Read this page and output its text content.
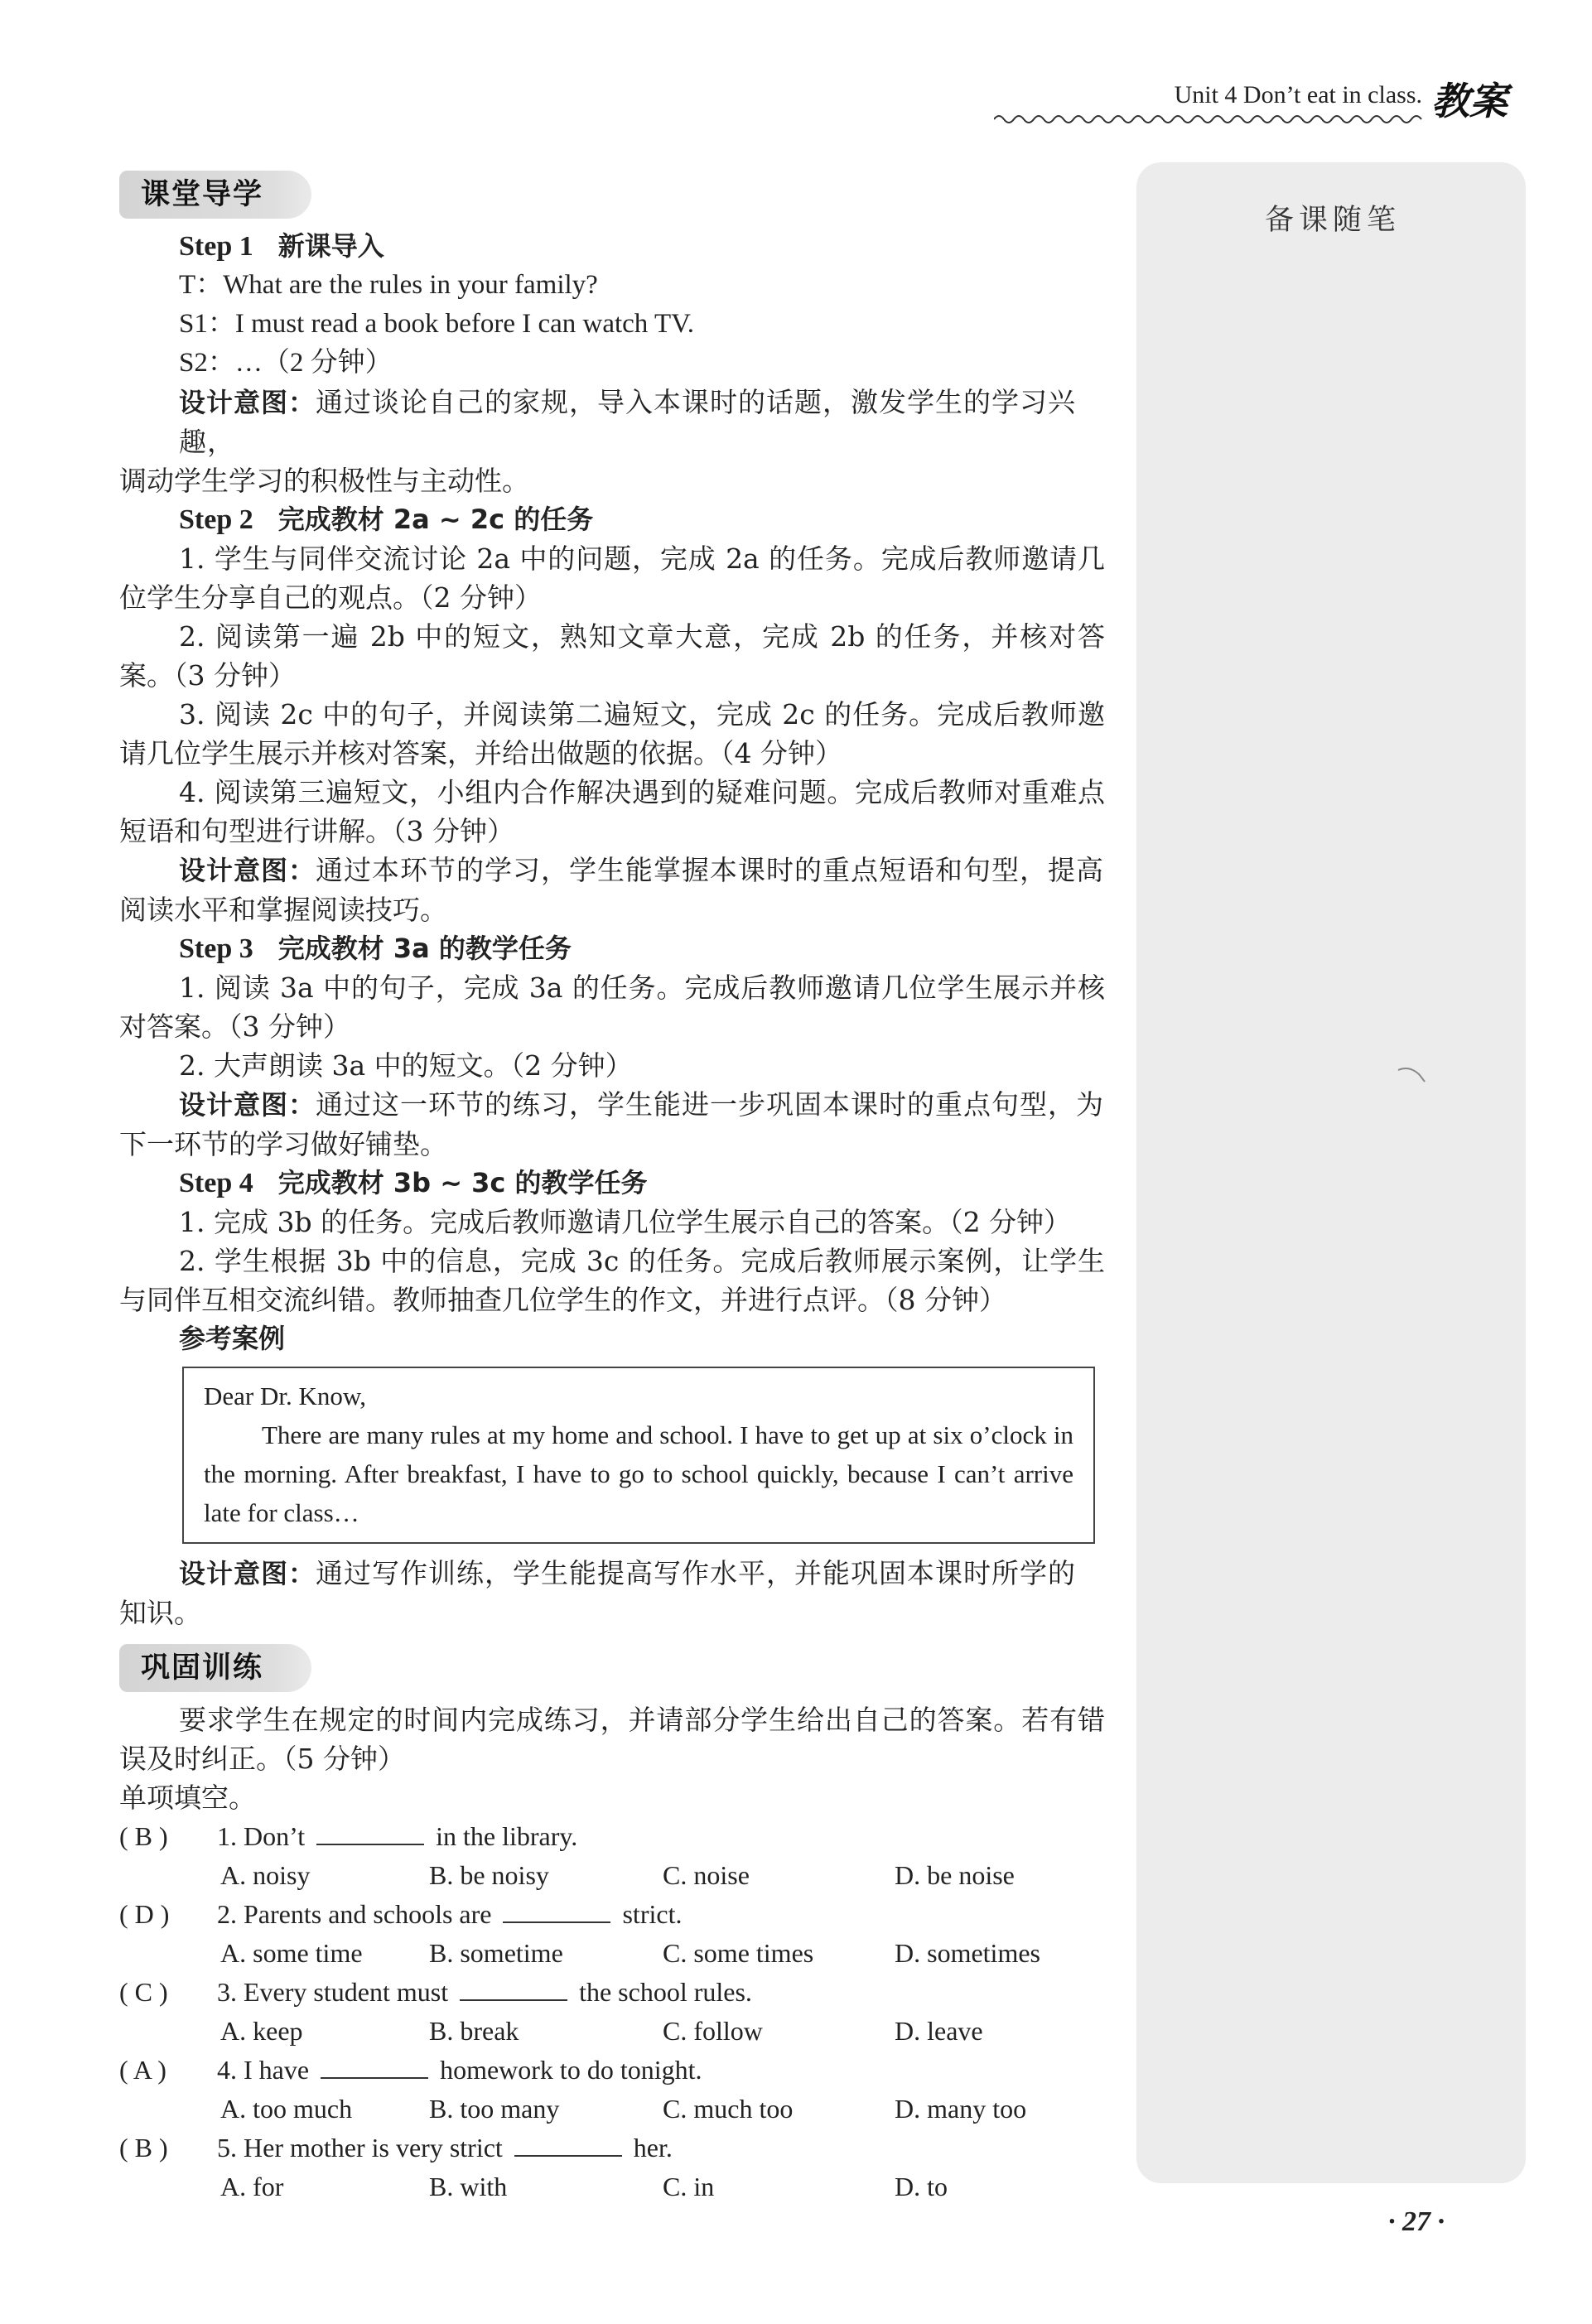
Unit 4 Don’t eat in class. 教案
备课随笔
课堂导学
Step 1 新课导入
T：What are the rules in your family?
S1：I must read a book before I can watch TV.
S2：…（2 分钟）
设计意图：通过谈论自己的家规，导入本课时的话题，激发学生的学习兴趣，
调动学生学习的积极性与主动性。
Step 2 完成教材 2a ~ 2c 的任务
1. 学生与同伴交流讨论 2a 中的问题，完成 2a 的任务。完成后教师邀请几位学生分享自己的观点。（2 分钟）
2. 阅读第一遍 2b 中的短文，熟知文章大意，完成 2b 的任务，并核对答案。（3 分钟）
3. 阅读 2c 中的句子，并阅读第二遍短文，完成 2c 的任务。完成后教师邀请几位学生展示并核对答案，并给出做题的依据。（4 分钟）
4. 阅读第三遍短文，小组内合作解决遇到的疑难问题。完成后教师对重难点短语和句型进行讲解。（3 分钟）
设计意图：通过本环节的学习，学生能掌握本课时的重点短语和句型，提高
阅读水平和掌握阅读技巧。
Step 3 完成教材 3a 的教学任务
1. 阅读 3a 中的句子，完成 3a 的任务。完成后教师邀请几位学生展示并核对答案。（3 分钟）
2. 大声朗读 3a 中的短文。（2 分钟）
设计意图：通过这一环节的练习，学生能进一步巩固本课时的重点句型，为
下一环节的学习做好铺垫。
Step 4 完成教材 3b ~ 3c 的教学任务
1. 完成 3b 的任务。完成后教师邀请几位学生展示自己的答案。（2 分钟）
2. 学生根据 3b 中的信息，完成 3c 的任务。完成后教师展示案例，让学生与同伴互相交流纠错。教师抽查几位学生的作文，并进行点评。（8 分钟）
参考案例
Dear Dr. Know,
There are many rules at my home and school. I have to get up at six o’clock in the morning. After breakfast, I have to go to school quickly, because I can’t arrive late for class…
设计意图：通过写作训练，学生能提高写作水平，并能巩固本课时所学的
知识。
巩固训练
要求学生在规定的时间内完成练习，并请部分学生给出自己的答案。若有错误及时纠正。（5 分钟）
单项填空。
( B ) 1. Don’t	in the library.
A. noisy	B. be noisy	C. noise	D. be noise
( D ) 2. Parents and schools are	strict.
A. some time	B. sometime	C. some times	D. sometimes
( C ) 3. Every student must	the school rules.
A. keep	B. break	C. follow	D. leave
( A ) 4. I have	homework to do tonight.
A. too much	B. too many	C. much too	D. many too
( B ) 5. Her mother is very strict	her.
A. for	B. with	C. in	D. to
· 27 ·
